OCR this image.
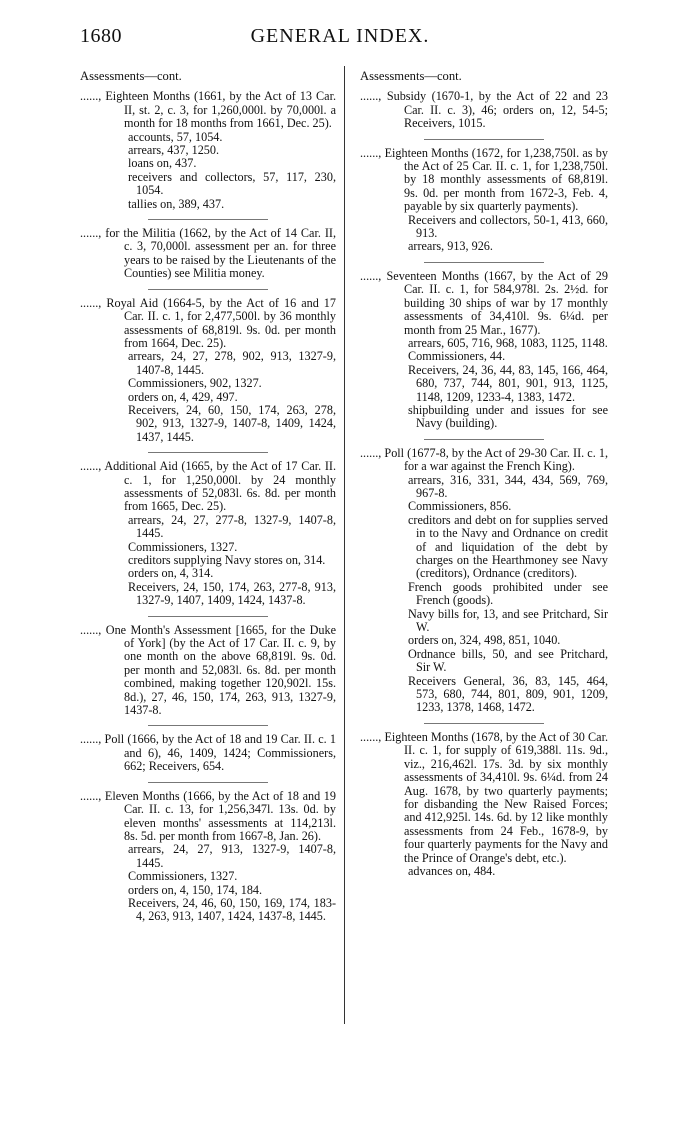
GENERAL INDEX.
1680
Assessments—cont.
......, Eighteen Months (1661, by the Act of 13 Car. II, st. 2, c. 3, for 1,260,000l. by 70,000l. a month for 18 months from 1661, Dec. 25).
accounts, 57, 1054.
arrears, 437, 1250.
loans on, 437.
receivers and collectors, 57, 117, 230, 1054.
tallies on, 389, 437.
......, for the Militia (1662, by the Act of 14 Car. II, c. 3, 70,000l. assessment per an. for three years to be raised by the Lieutenants of the Counties) see Militia money.
......, Royal Aid (1664-5, by the Act of 16 and 17 Car. II. c. 1, for 2,477,500l. by 36 monthly assessments of 68,819l. 9s. 0d. per month from 1664, Dec. 25).
arrears, 24, 27, 278, 902, 913, 1327-9, 1407-8, 1445.
Commissioners, 902, 1327.
orders on, 4, 429, 497.
Receivers, 24, 60, 150, 174, 263, 278, 902, 913, 1327-9, 1407-8, 1409, 1424, 1437, 1445.
......, Additional Aid (1665, by the Act of 17 Car. II. c. 1, for 1,250,000l. by 24 monthly assessments of 52,083l. 6s. 8d. per month from 1665, Dec. 25).
arrears, 24, 27, 277-8, 1327-9, 1407-8, 1445.
Commissioners, 1327.
creditors supplying Navy stores on, 314.
orders on, 4, 314.
Receivers, 24, 150, 174, 263, 277-8, 913, 1327-9, 1407, 1409, 1424, 1437-8.
......, One Month's Assessment [1665, for the Duke of York] (by the Act of 17 Car. II. c. 9, by one month on the above 68,819l. 9s. 0d. per month and 52,083l. 6s. 8d. per month combined, making together 120,902l. 15s. 8d.), 27, 46, 150, 174, 263, 913, 1327-9, 1437-8.
......, Poll (1666, by the Act of 18 and 19 Car. II. c. 1 and 6), 46, 1409, 1424; Commissioners, 662; Receivers, 654.
......, Eleven Months (1666, by the Act of 18 and 19 Car. II. c. 13, for 1,256,347l. 13s. 0d. by eleven months' assessments at 114,213l. 8s. 5d. per month from 1667-8, Jan. 26).
arrears, 24, 27, 913, 1327-9, 1407-8, 1445.
Commissioners, 1327.
orders on, 4, 150, 174, 184.
Receivers, 24, 46, 60, 150, 169, 174, 183-4, 263, 913, 1407, 1424, 1437-8, 1445.
Assessments—cont.
......, Subsidy (1670-1, by the Act of 22 and 23 Car. II. c. 3), 46; orders on, 12, 54-5; Receivers, 1015.
......, Eighteen Months (1672, for 1,238,750l. as by the Act of 25 Car. II. c. 1, for 1,238,750l. by 18 monthly assessments of 68,819l. 9s. 0d. per month from 1672-3, Feb. 4, payable by six quarterly payments).
Receivers and collectors, 50-1, 413, 660, 913.
arrears, 913, 926.
......, Seventeen Months (1667, by the Act of 29 Car. II. c. 1, for 584,978l. 2s. 2½d. for building 30 ships of war by 17 monthly assessments of 34,410l. 9s. 6¼d. per month from 25 Mar., 1677).
arrears, 605, 716, 968, 1083, 1125, 1148.
Commissioners, 44.
Receivers, 24, 36, 44, 83, 145, 166, 464, 680, 737, 744, 801, 901, 913, 1125, 1148, 1209, 1233-4, 1383, 1472.
shipbuilding under and issues for see Navy (building).
......, Poll (1677-8, by the Act of 29-30 Car. II. c. 1, for a war against the French King).
arrears, 316, 331, 344, 434, 569, 769, 967-8.
Commissioners, 856.
creditors and debt on for supplies served in to the Navy and Ordnance on credit of and liquidation of the debt by charges on the Hearthmoney see Navy (creditors), Ordnance (creditors).
French goods prohibited under see French (goods).
Navy bills for, 13, and see Pritchard, Sir W.
orders on, 324, 498, 851, 1040.
Ordnance bills, 50, and see Pritchard, Sir W.
Receivers General, 36, 83, 145, 464, 573, 680, 744, 801, 809, 901, 1209, 1233, 1378, 1468, 1472.
......, Eighteen Months (1678, by the Act of 30 Car. II. c. 1, for supply of 619,388l. 11s. 9d., viz., 216,462l. 17s. 3d. by six monthly assessments of 34,410l. 9s. 6¼d. from 24 Aug. 1678, by two quarterly payments; for disbanding the New Raised Forces; and 412,925l. 14s. 6d. by 12 like monthly assessments from 24 Feb., 1678-9, by four quarterly payments for the Navy and the Prince of Orange's debt, etc.).
advances on, 484.
